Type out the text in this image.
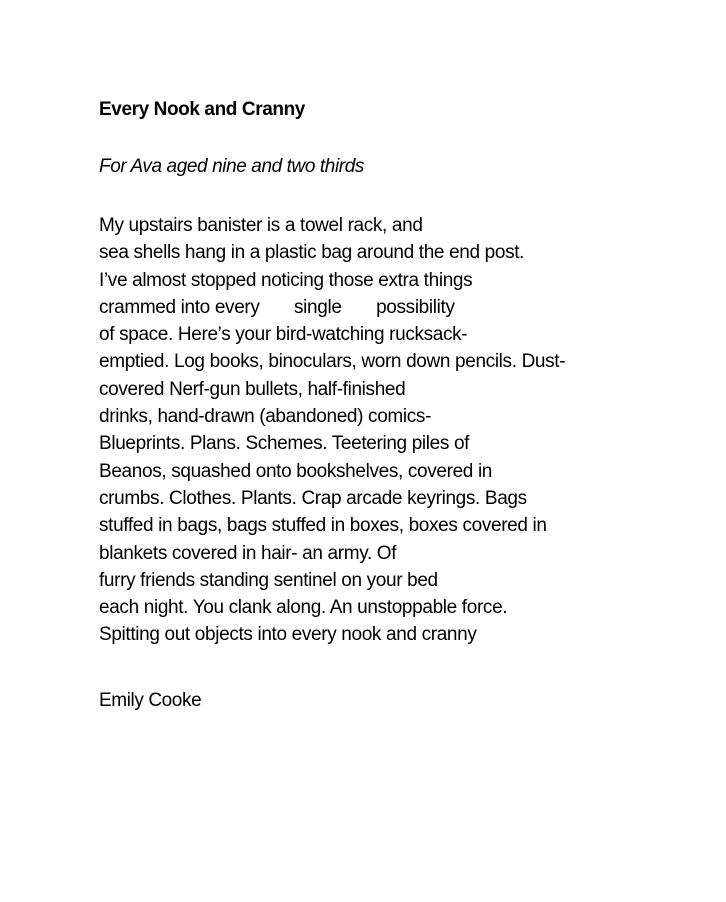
Every Nook and Cranny
For Ava aged nine and two thirds
My upstairs banister is a towel rack, and
sea shells hang in a plastic bag around the end post.
I’ve almost stopped noticing those extra things
crammed into every       single       possibility
of space. Here’s your bird-watching rucksack-
emptied. Log books, binoculars, worn down pencils. Dust-
covered Nerf-gun bullets, half-finished
drinks, hand-drawn (abandoned) comics-
Blueprints. Plans. Schemes. Teetering piles of
Beanos, squashed onto bookshelves, covered in
crumbs. Clothes. Plants. Crap arcade keyrings. Bags
stuffed in bags, bags stuffed in boxes, boxes covered in
blankets covered in hair- an army. Of
furry friends standing sentinel on your bed
each night. You clank along. An unstoppable force.
Spitting out objects into every nook and cranny
Emily Cooke
